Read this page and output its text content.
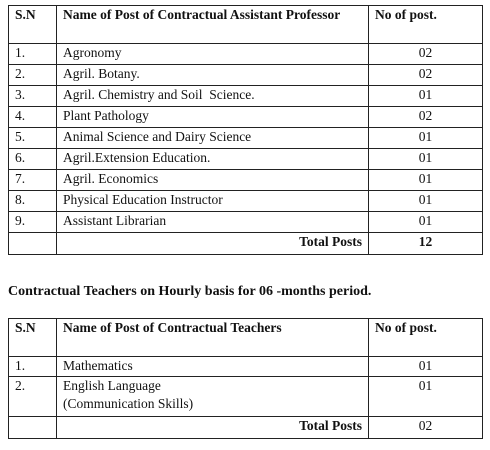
S.N	Name of Post of Contractual Assistant Professor	No of post.
1.	Agronomy	02
2.	Agril. Botany.	02
3.	Agril. Chemistry and Soil  Science.	01
4.	Plant Pathology	02
5.	Animal Science and Dairy Science	01
6.	Agril.Extension Education.	01
7.	Agril. Economics	01
8.	Physical Education Instructor	01
9.	Assistant Librarian	01
	Total Posts	12
Contractual Teachers on Hourly basis for 06 -months period.
S.N	Name of Post of Contractual Teachers	No of post.
1.	Mathematics	01
2.	English Language (Communication Skills)	01
	Total Posts	02
